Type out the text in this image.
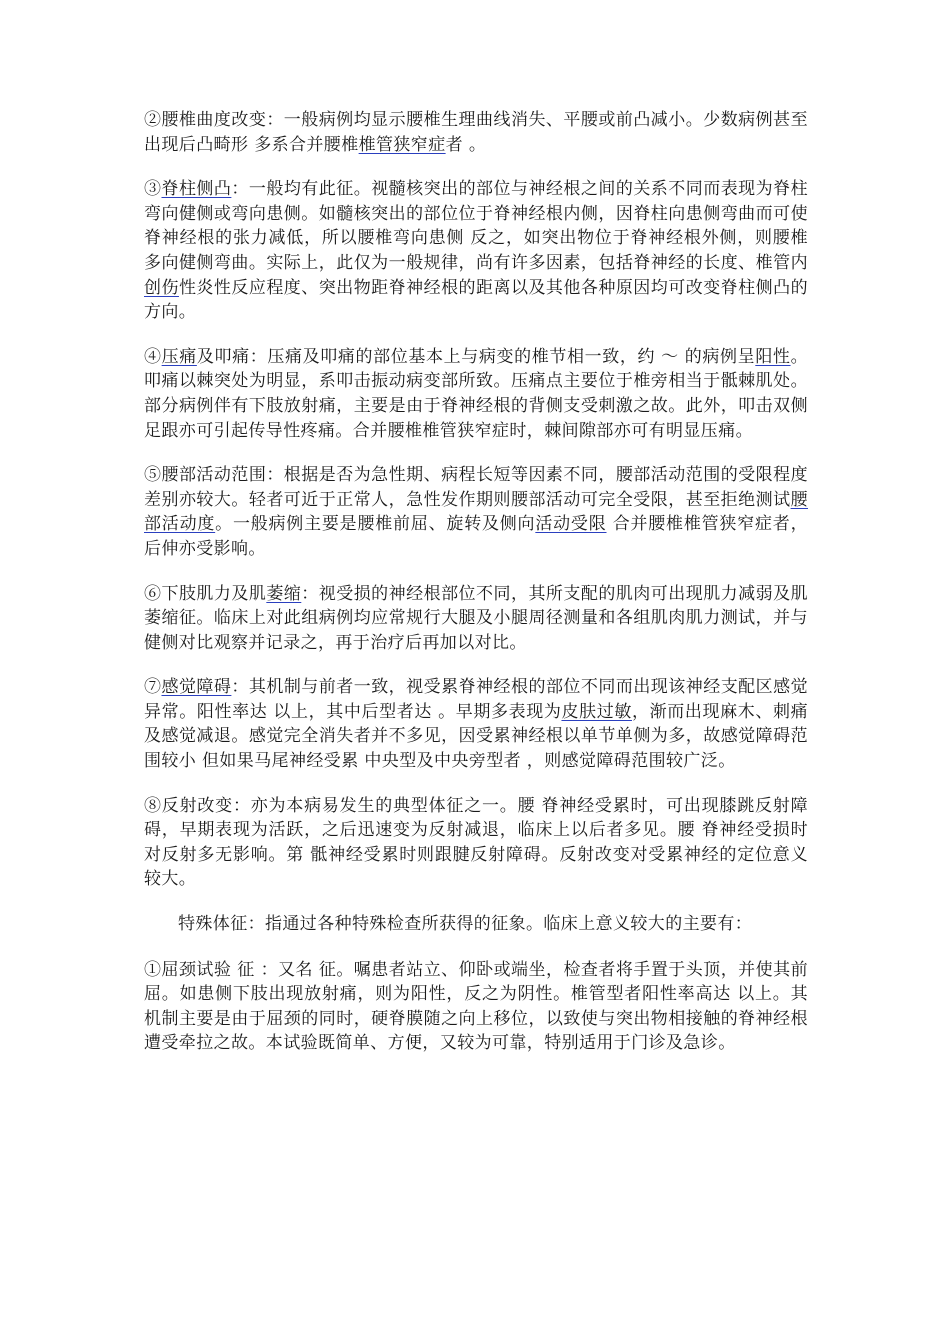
②腰椎曲度改变：一般病例均显示腰椎生理曲线消失、平腰或前凸减小。少数病例甚至出现后凸畸形 多系合并腰椎椎管狭窄症者 。

③脊柱侧凸：一般均有此征。视髓核突出的部位与神经根之间的关系不同而表现为脊柱弯向健侧或弯向患侧。如髓核突出的部位位于脊神经根内侧，因脊柱向患侧弯曲而可使脊神经根的张力减低，所以腰椎弯向患侧 反之，如突出物位于脊神经根外侧，则腰椎多向健侧弯曲。实际上，此仅为一般规律，尚有许多因素，包括脊神经的长度、椎管内创伤性炎性反应程度、突出物距脊神经根的距离以及其他各种原因均可改变脊柱侧凸的方向。

④压痛及叩痛：压痛及叩痛的部位基本上与病变的椎节相一致，约 ～ 的病例呈阳性。叩痛以棘突处为明显，系叩击振动病变部所致。压痛点主要位于椎旁相当于骶棘肌处。部分病例伴有下肢放射痛，主要是由于脊神经根的背侧支受刺激之故。此外，叩击双侧足跟亦可引起传导性疼痛。合并腰椎椎管狭窄症时，棘间隙部亦可有明显压痛。

⑤腰部活动范围：根据是否为急性期、病程长短等因素不同，腰部活动范围的受限程度差别亦较大。轻者可近于正常人，急性发作期则腰部活动可完全受限，甚至拒绝测试腰部活动度。一般病例主要是腰椎前屈、旋转及侧向活动受限 合并腰椎椎管狭窄症者，后伸亦受影响。

⑥下肢肌力及肌萎缩：视受损的神经根部位不同，其所支配的肌肉可出现肌力减弱及肌萎缩征。临床上对此组病例均应常规行大腿及小腿周径测量和各组肌肉肌力测试，并与健侧对比观察并记录之，再于治疗后再加以对比。

⑦感觉障碍：其机制与前者一致，视受累脊神经根的部位不同而出现该神经支配区感觉异常。阳性率达 以上，其中后型者达 。早期多表现为皮肤过敏，渐而出现麻木、刺痛及感觉减退。感觉完全消失者并不多见，因受累神经根以单节单侧为多，故感觉障碍范围较小 但如果马尾神经受累 中央型及中央旁型者 ，则感觉障碍范围较广泛。

⑧反射改变：亦为本病易发生的典型体征之一。腰 脊神经受累时，可出现膝跳反射障碍，早期表现为活跃，之后迅速变为反射减退，临床上以后者多见。腰 脊神经受损时对反射多无影响。第 骶神经受累时则跟腱反射障碍。反射改变对受累神经的定位意义较大。

特殊体征：指通过各种特殊检查所获得的征象。临床上意义较大的主要有：

①屈颈试验 征 ：又名 征。嘱患者站立、仰卧或端坐，检查者将手置于头顶，并使其前屈。如患侧下肢出现放射痛，则为阳性，反之为阴性。椎管型者阳性率高达 以上。其机制主要是由于屈颈的同时，硬脊膜随之向上移位，以致使与突出物相接触的脊神经根遭受牵拉之故。本试验既简单、方便，又较为可靠，特别适用于门诊及急诊。
